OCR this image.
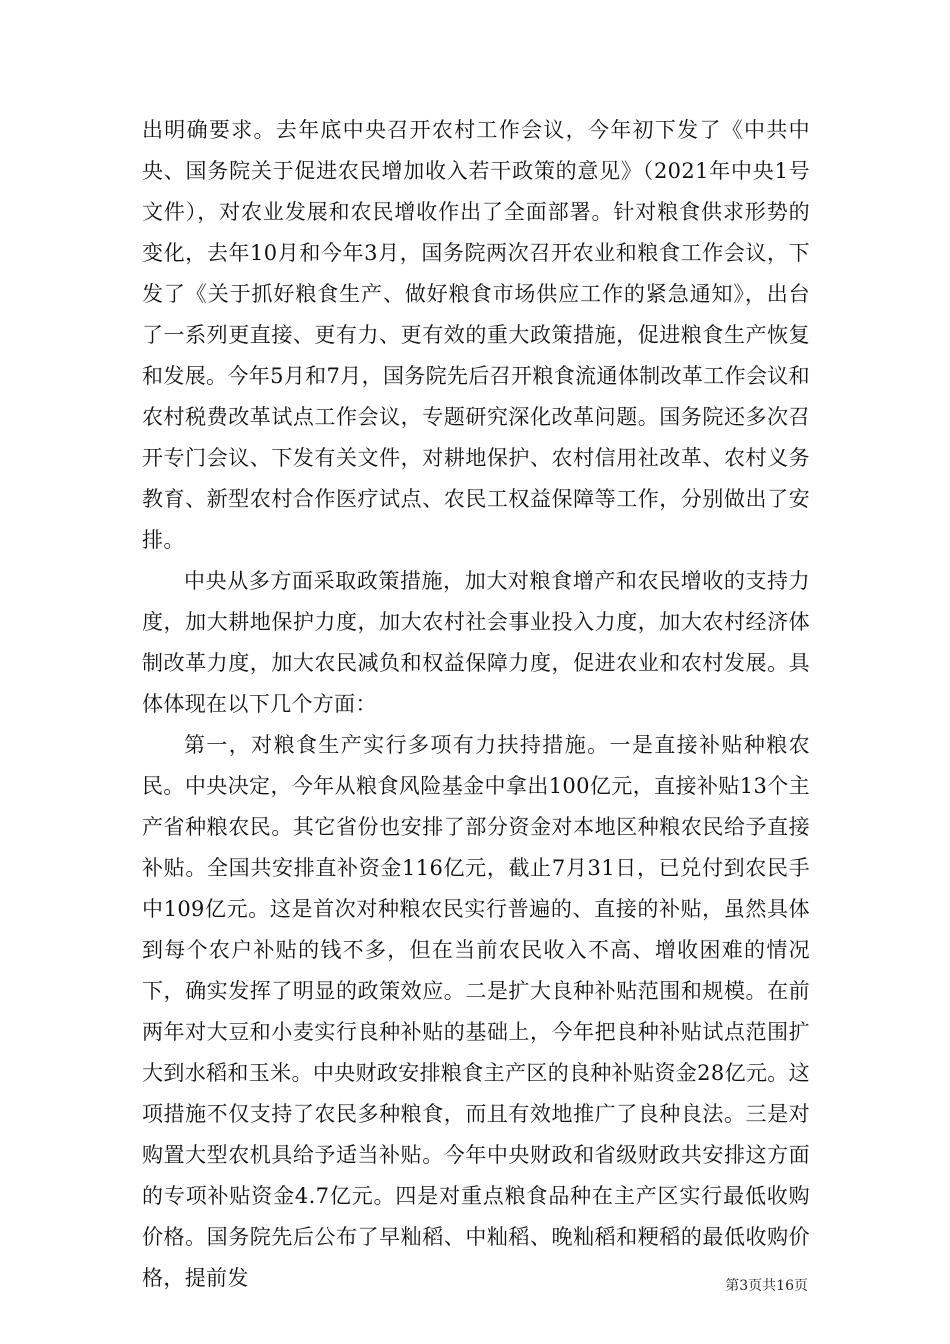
出明确要求。去年底中央召开农村工作会议，今年初下发了《中共中央、国务院关于促进农民增加收入若干政策的意见》（2021年中央1号文件），对农业发展和农民增收作出了全面部署。针对粮食供求形势的变化，去年10月和今年3月，国务院两次召开农业和粮食工作会议，下发了《关于抓好粮食生产、做好粮食市场供应工作的紧急通知》，出台了一系列更直接、更有力、更有效的重大政策措施，促进粮食生产恢复和发展。今年5月和7月，国务院先后召开粮食流通体制改革工作会议和农村税费改革试点工作会议，专题研究深化改革问题。国务院还多次召开专门会议、下发有关文件，对耕地保护、农村信用社改革、农村义务教育、新型农村合作医疗试点、农民工权益保障等工作，分别做出了安排。

中央从多方面采取政策措施，加大对粮食增产和农民增收的支持力度，加大耕地保护力度，加大农村社会事业投入力度，加大农村经济体制改革力度，加大农民减负和权益保障力度，促进农业和农村发展。具体体现在以下几个方面：

第一，对粮食生产实行多项有力扶持措施。一是直接补贴种粮农民。中央决定，今年从粮食风险基金中拿出100亿元，直接补贴13个主产省种粮农民。其它省份也安排了部分资金对本地区种粮农民给予直接补贴。全国共安排直补资金116亿元，截止7月31日，已兑付到农民手中109亿元。这是首次对种粮农民实行普遍的、直接的补贴，虽然具体到每个农户补贴的钱不多，但在当前农民收入不高、增收困难的情况下，确实发挥了明显的政策效应。二是扩大良种补贴范围和规模。在前两年对大豆和小麦实行良种补贴的基础上，今年把良种补贴试点范围扩大到水稻和玉米。中央财政安排粮食主产区的良种补贴资金28亿元。这项措施不仅支持了农民多种粮食，而且有效地推广了良种良法。三是对购置大型农机具给予适当补贴。今年中央财政和省级财政共安排这方面的专项补贴资金4.7亿元。四是对重点粮食品种在主产区实行最低收购价格。国务院先后公布了早籼稻、中籼稻、晚籼稻和粳稻的最低收购价格，提前发	第3页共16页
